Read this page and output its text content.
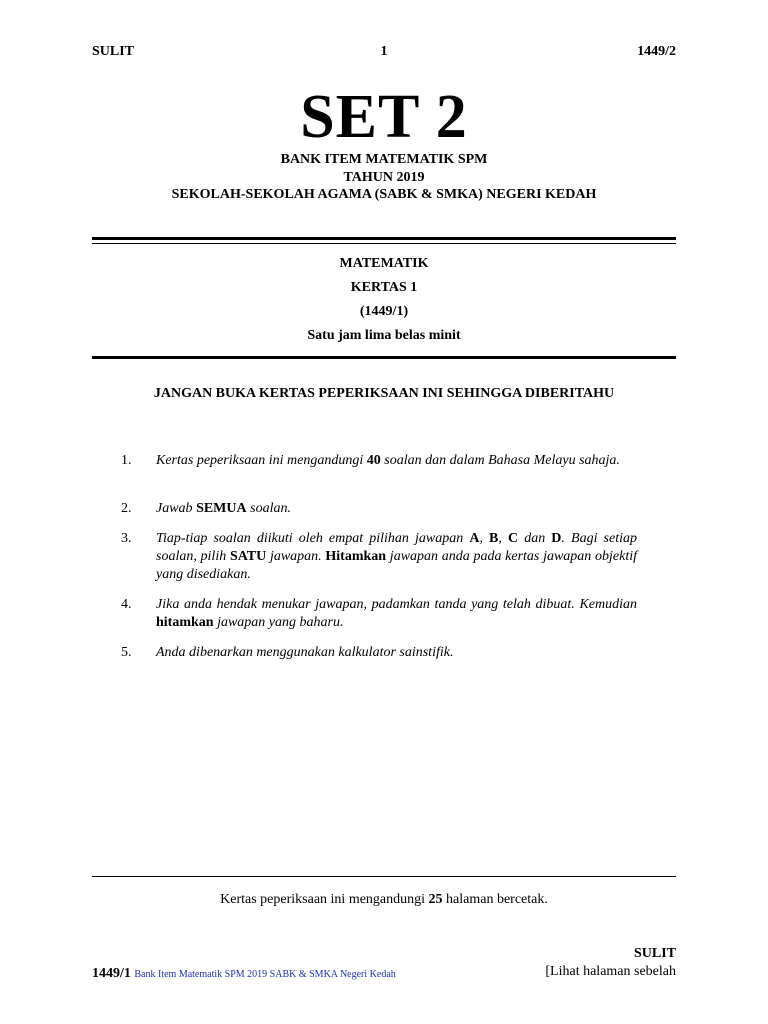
SULIT	1	1449/2
SET 2
BANK ITEM MATEMATIK SPM
TAHUN 2019
SEKOLAH-SEKOLAH AGAMA (SABK & SMKA) NEGERI KEDAH
MATEMATIK
KERTAS 1
(1449/1)
Satu jam lima belas minit
JANGAN BUKA KERTAS PEPERIKSAAN INI SEHINGGA DIBERITAHU
1. Kertas peperiksaan ini mengandungi 40 soalan dan dalam Bahasa Melayu sahaja.
2. Jawab SEMUA soalan.
3. Tiap-tiap soalan diikuti oleh empat pilihan jawapan A, B, C dan D. Bagi setiap soalan, pilih SATU jawapan. Hitamkan jawapan anda pada kertas jawapan objektif yang disediakan.
4. Jika anda hendak menukar jawapan, padamkan tanda yang telah dibuat. Kemudian hitamkan jawapan yang baharu.
5. Anda dibenarkan menggunakan kalkulator sainstifik.
Kertas peperiksaan ini mengandungi 25 halaman bercetak.
SULIT
1449/1 Bank Item Matematik SPM 2019 SABK & SMKA Negeri Kedah	[Lihat halaman sebelah
